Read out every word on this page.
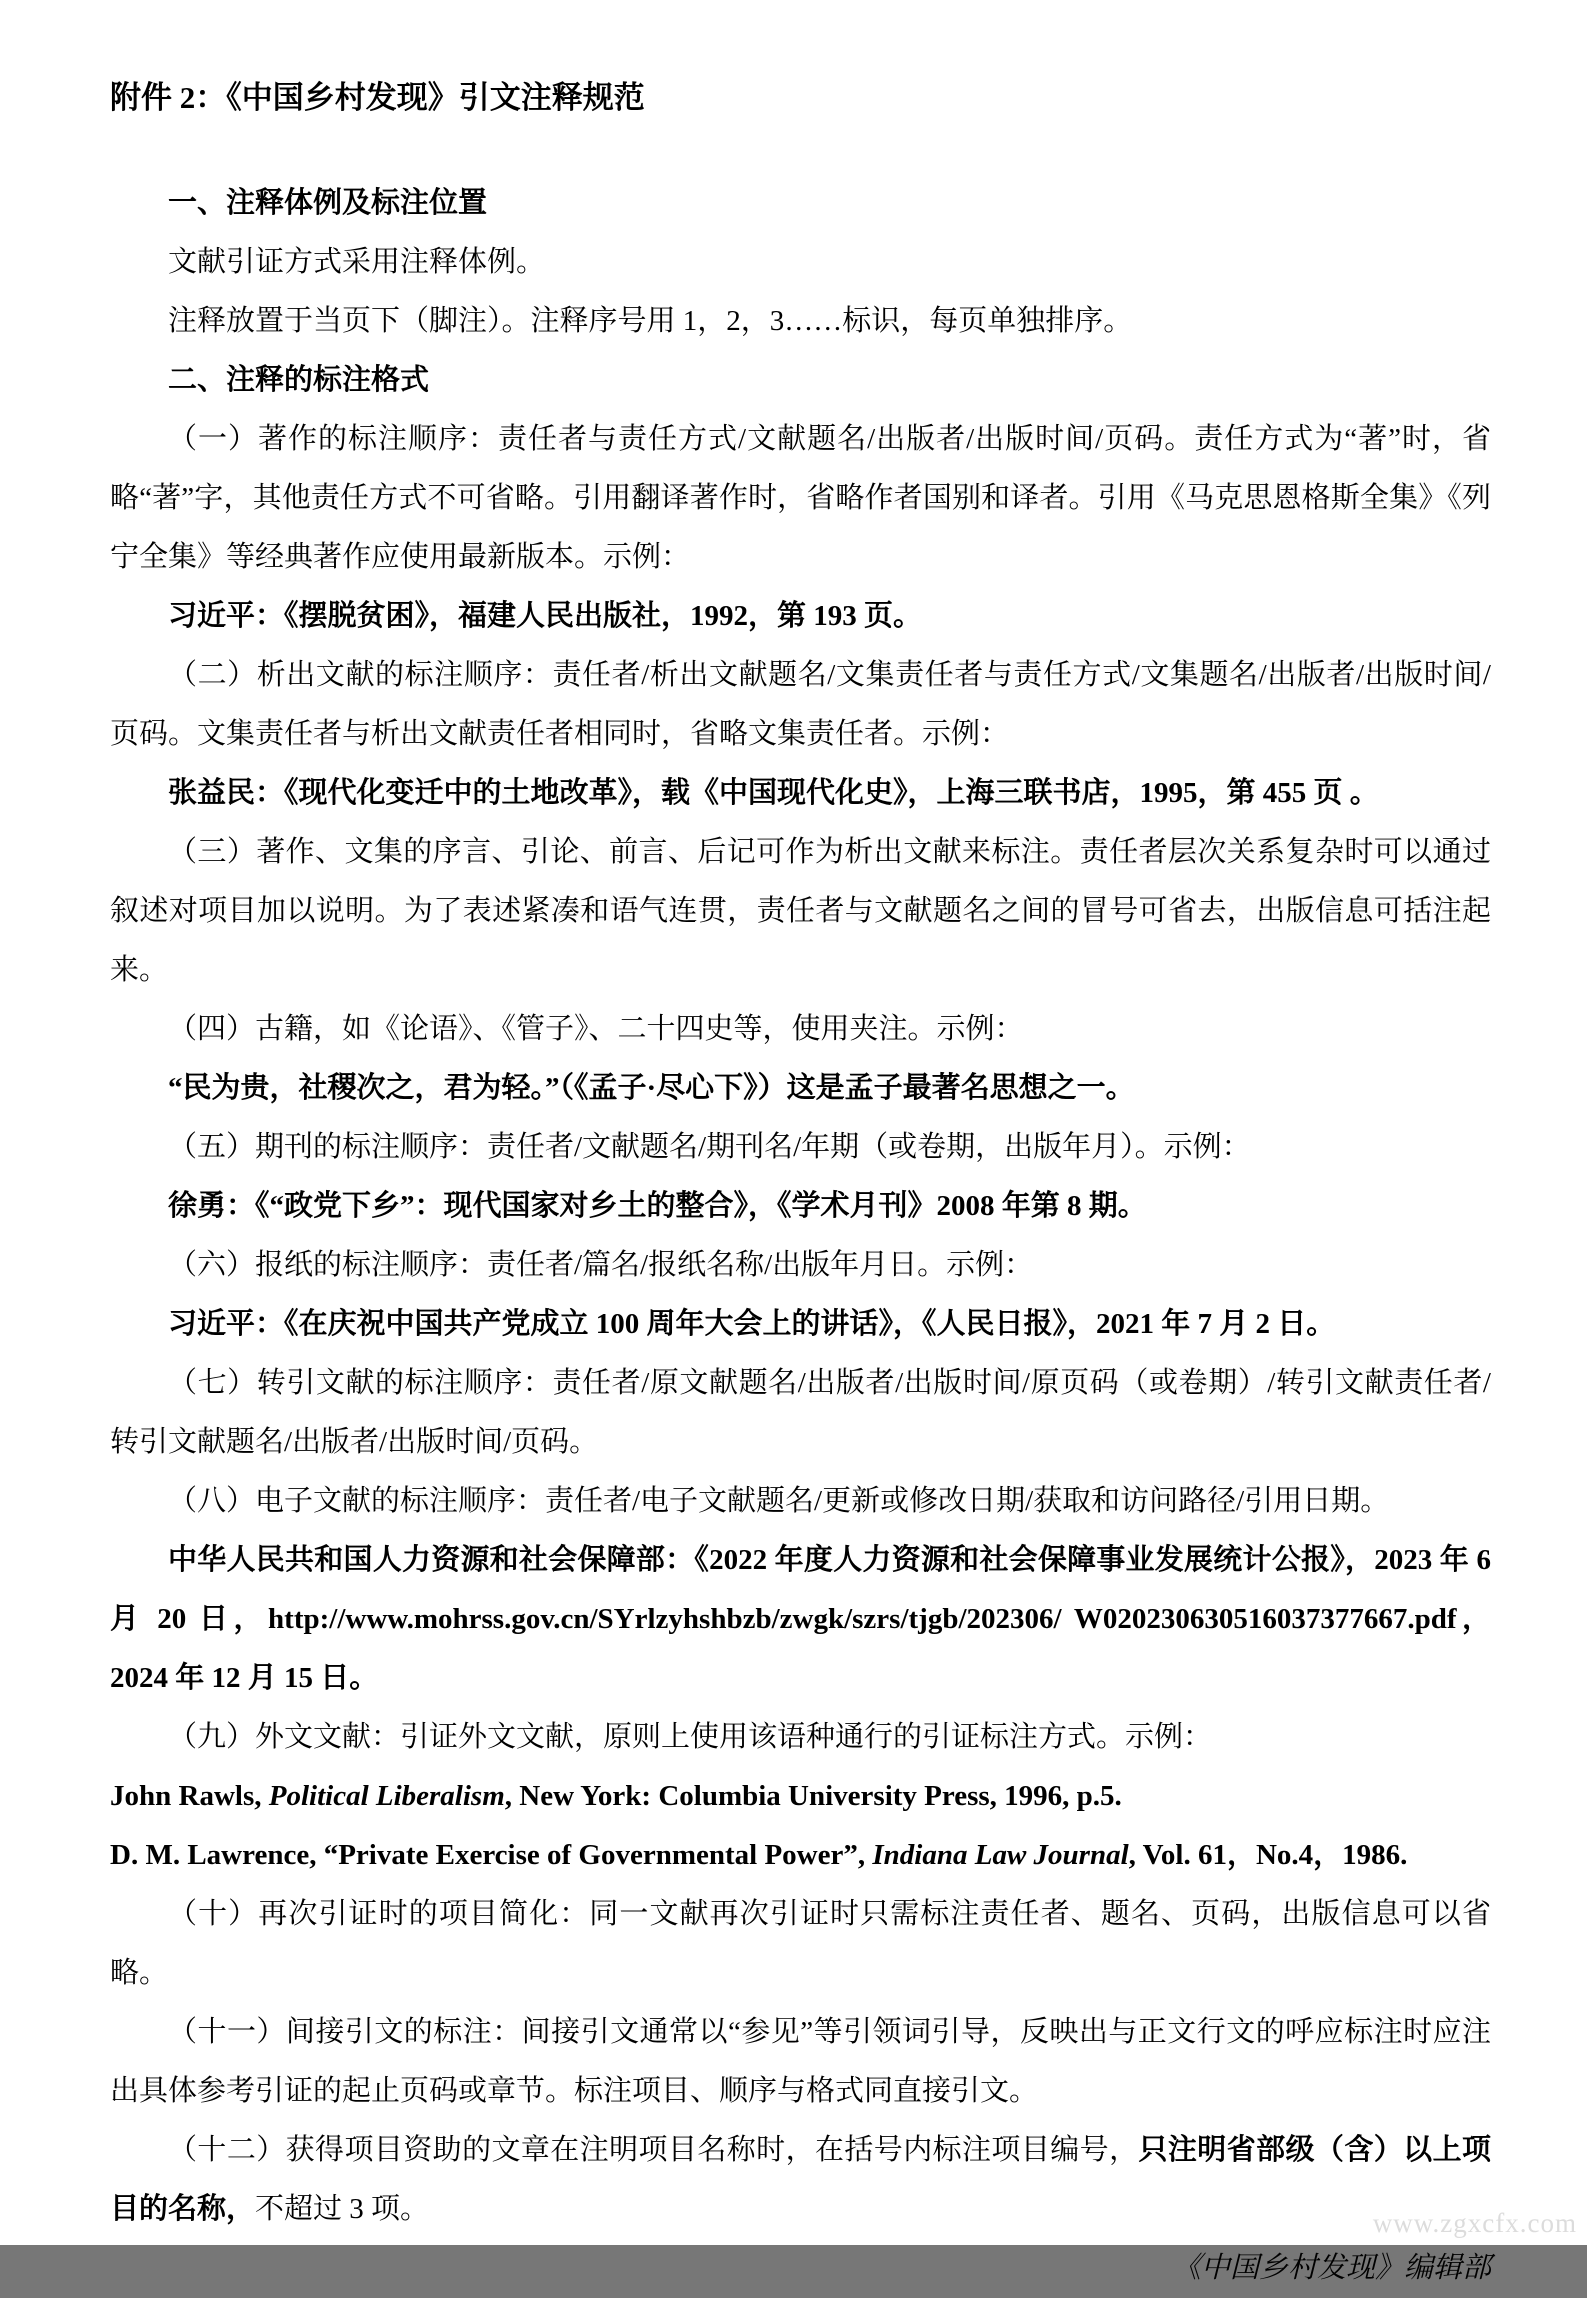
附件 2：《中国乡村发现》引文注释规范

一、注释体例及标注位置

文献引证方式采用注释体例。

注释放置于当页下（脚注）。注释序号用 1，2，3……标识，每页单独排序。

二、注释的标注格式

（一）著作的标注顺序：责任者与责任方式/文献题名/出版者/出版时间/页码。责任方式为“著”时，省略“著”字，其他责任方式不可省略。引用翻译著作时，省略作者国别和译者。引用《马克思恩格斯全集》《列宁全集》等经典著作应使用最新版本。示例：

习近平：《摆脱贫困》，福建人民出版社，1992，第 193 页。

（二）析出文献的标注顺序：责任者/析出文献题名/文集责任者与责任方式/文集题名/出版者/出版时间/页码。文集责任者与析出文献责任者相同时，省略文集责任者。示例：

张益民：《现代化变迁中的土地改革》，载《中国现代化史》，上海三联书店，1995，第 455 页 。

（三）著作、文集的序言、引论、前言、后记可作为析出文献来标注。责任者层次关系复杂时可以通过叙述对项目加以说明。为了表述紧凑和语气连贯，责任者与文献题名之间的冒号可省去，出版信息可括注起来。

（四）古籍，如《论语》、《管子》、二十四史等，使用夹注。示例：

“民为贵，社稷次之，君为轻。”（《孟子·尽心下》）这是孟子最著名思想之一。

（五）期刊的标注顺序：责任者/文献题名/期刊名/年期（或卷期，出版年月）。示例：

徐勇：《“政党下乡”：现代国家对乡土的整合》，《学术月刊》2008 年第 8 期。

（六）报纸的标注顺序：责任者/篇名/报纸名称/出版年月日。示例：

习近平：《在庆祝中国共产党成立 100 周年大会上的讲话》，《人民日报》，2021 年 7 月 2 日。

（七）转引文献的标注顺序：责任者/原文献题名/出版者/出版时间/原页码（或卷期）/转引文献责任者/转引文献题名/出版者/出版时间/页码。

（八）电子文献的标注顺序：责任者/电子文献题名/更新或修改日期/获取和访问路径/引用日期。

中华人民共和国人力资源和社会保障部：《2022 年度人力资源和社会保障事业发展统计公报》，2023 年 6 月 20 日，http://www.mohrss.gov.cn/SYrlzyhshbzb/zwgk/szrs/tjgb/202306/ W020230630516037377667.pdf，2024 年 12 月 15 日。

（九）外文文献：引证外文文献，原则上使用该语种通行的引证标注方式。示例：

John Rawls, Political Liberalism, New York: Columbia University Press, 1996, p.5.

D. M. Lawrence, “Private Exercise of Governmental Power”, Indiana Law Journal, Vol. 61，No.4，1986.

（十）再次引证时的项目简化：同一文献再次引证时只需标注责任者、题名、页码，出版信息可以省略。

（十一）间接引文的标注：间接引文通常以“参见”等引领词引导，反映出与正文行文的呼应标注时应注出具体参考引证的起止页码或章节。标注项目、顺序与格式同直接引文。

（十二）获得项目资助的文章在注明项目名称时，在括号内标注项目编号，只注明省部级（含）以上项目的名称，不超过 3 项。

《中国乡村发现》编辑部

www.zgxcfx.com
